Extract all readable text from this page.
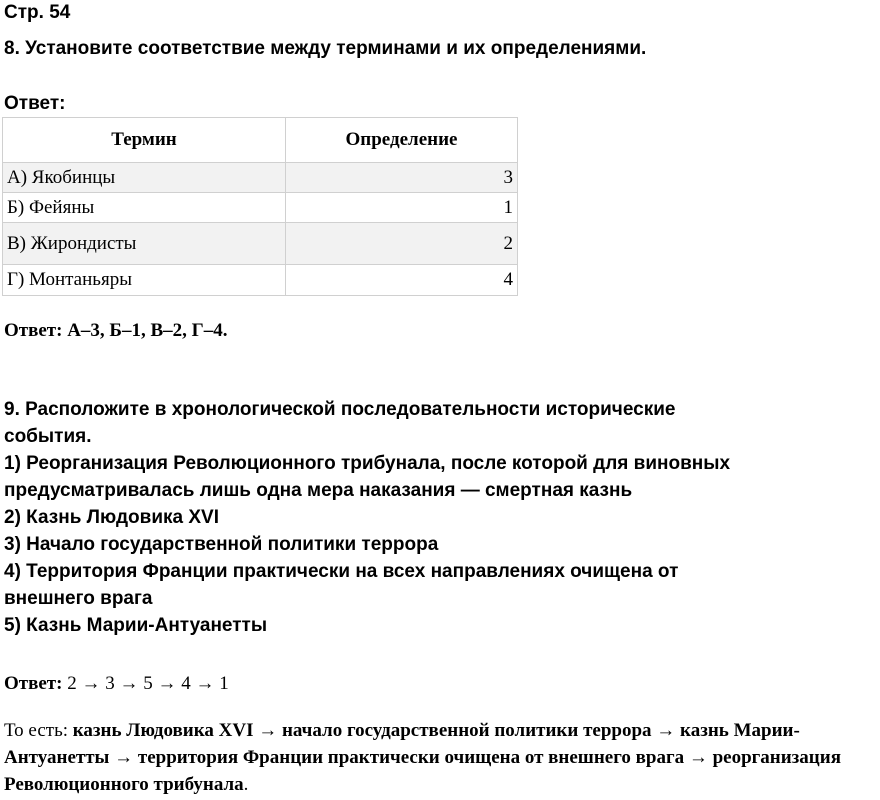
Стр. 54
8. Установите соответствие между терминами и их определениями.
Ответ:
Термин	Определение
А) Якобинцы	3
Б) Фейяны	1
В) Жирондисты	2
Г) Монтаньяры	4
Ответ: А–3, Б–1, В–2, Г–4.
9. Расположите в хронологической последовательности исторические
события.
1) Реорганизация Революционного трибунала, после которой для виновных
предусматривалась лишь одна мера наказания — смертная казнь
2) Казнь Людовика XVI
3) Начало государственной политики террора
4) Территория Франции практически на всех направлениях очищена от
внешнего врага
5) Казнь Марии-Антуанетты
Ответ: 2 → 3 → 5 → 4 → 1
То есть: казнь Людовика XVI → начало государственной политики террора → казнь Марии-Антуанетты → территория Франции практически очищена от внешнего врага → реорганизация Революционного трибунала.
